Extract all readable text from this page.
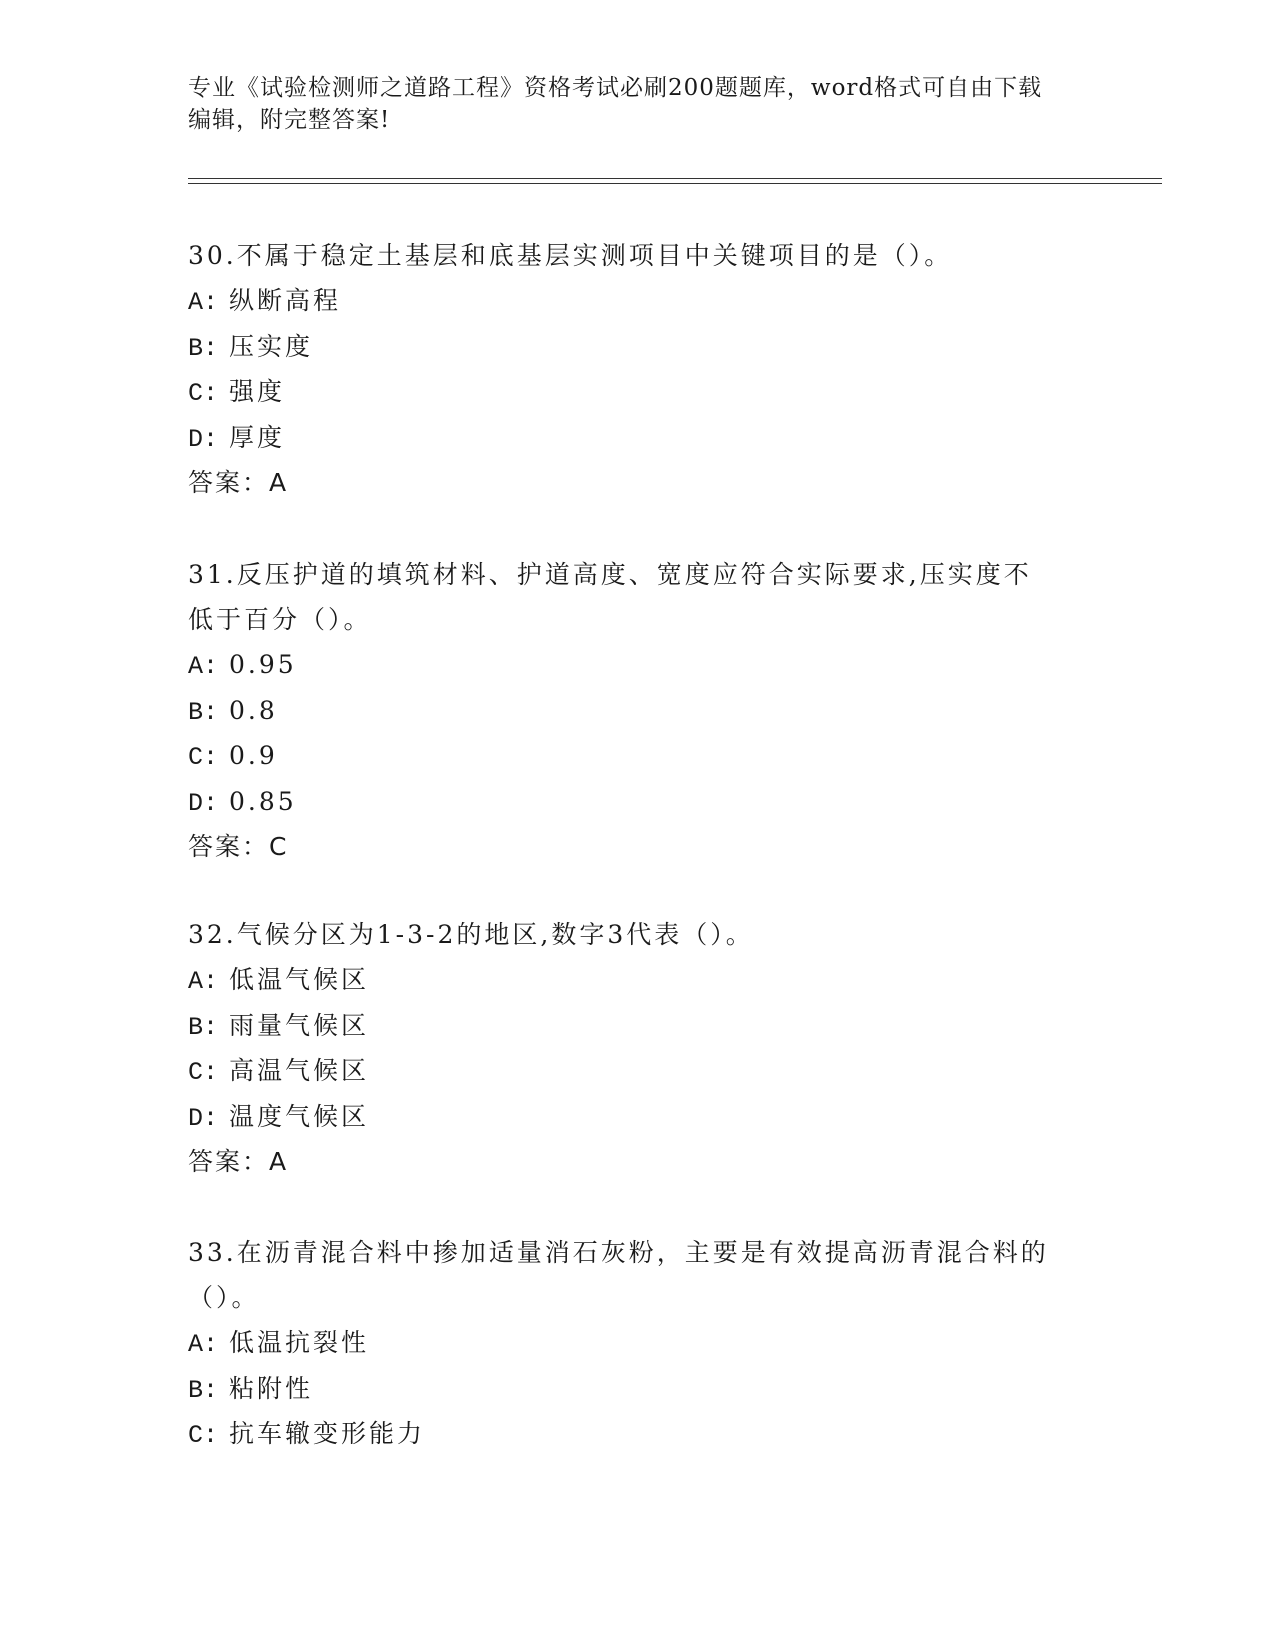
专业《试验检测师之道路工程》资格考试必刷200题题库，word格式可自由下载
编辑，附完整答案!
30.不属于稳定土基层和底基层实测项目中关键项目的是（）。
A: 纵断高程
B: 压实度
C: 强度
D: 厚度
答案：A
31.反压护道的填筑材料、护道高度、宽度应符合实际要求,压实度不
低于百分（）。
A: 0.95
B: 0.8
C: 0.9
D: 0.85
答案：C
32.气候分区为1-3-2的地区,数字3代表（）。
A: 低温气候区
B: 雨量气候区
C: 高温气候区
D: 温度气候区
答案：A
33.在沥青混合料中掺加适量消石灰粉，主要是有效提高沥青混合料的
（）。
A: 低温抗裂性
B: 粘附性
C: 抗车辙变形能力
